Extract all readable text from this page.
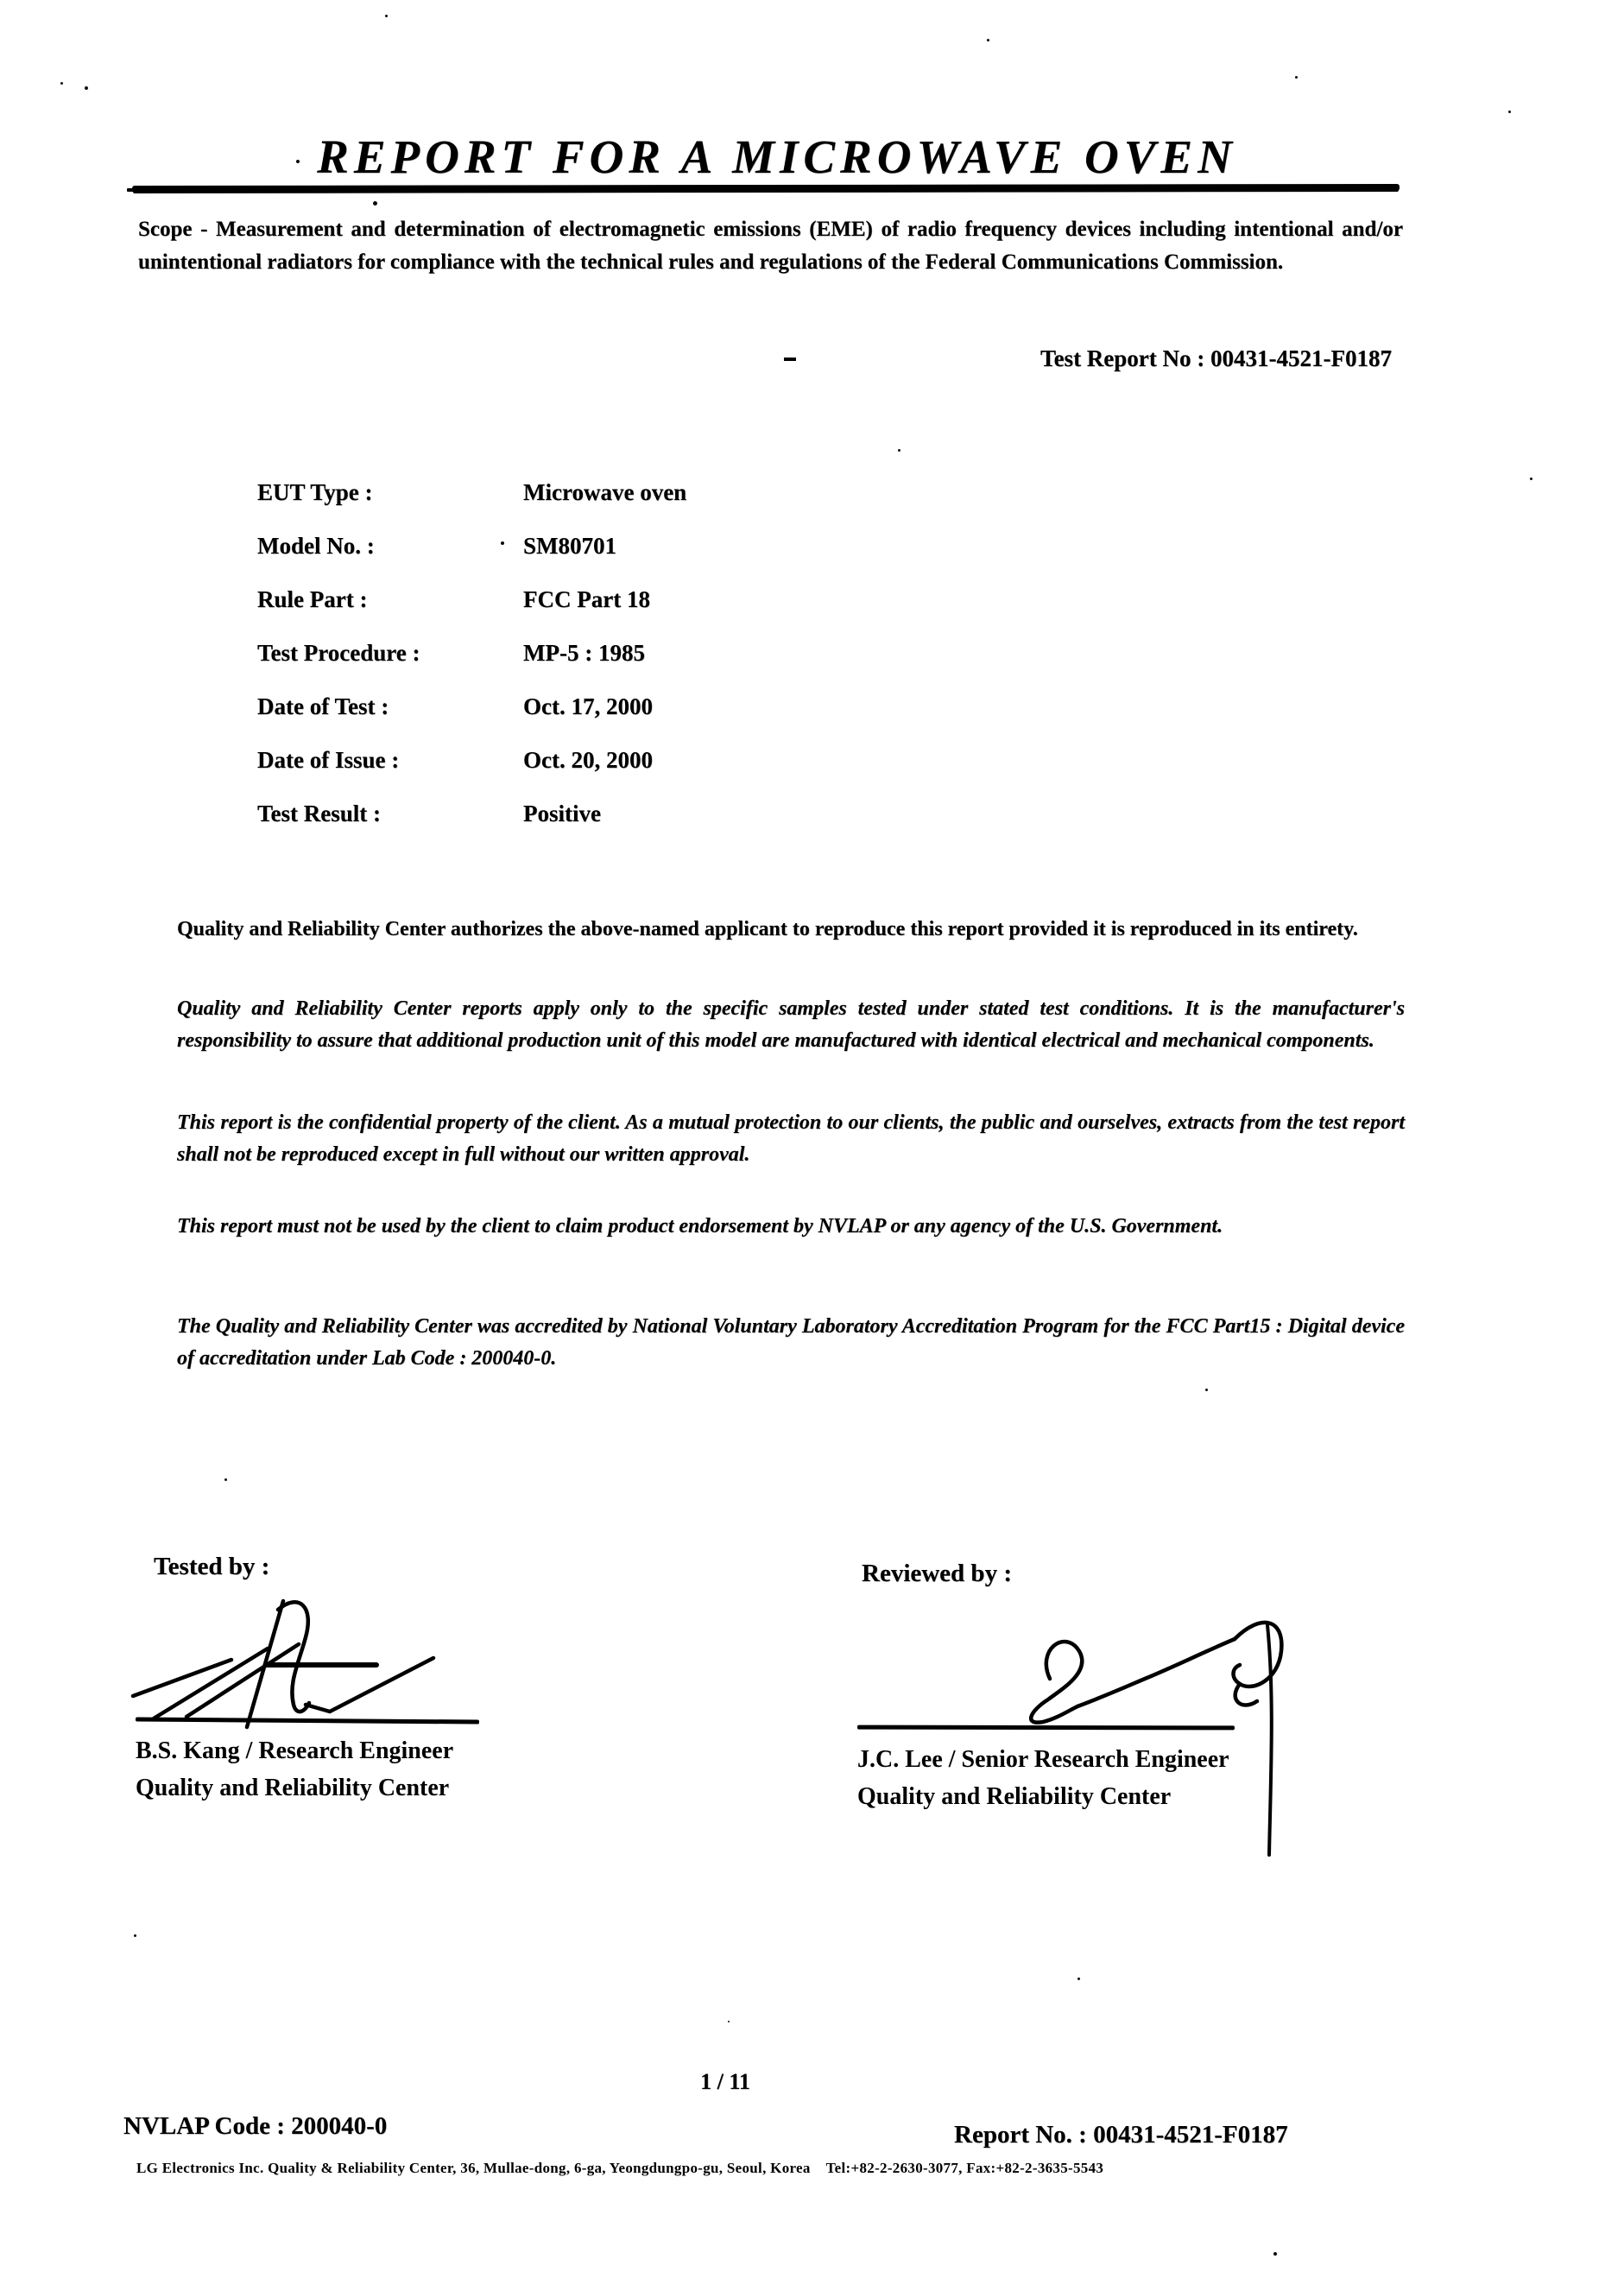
REPORT FOR A MICROWAVE OVEN
Scope - Measurement and determination of electromagnetic emissions (EME) of radio frequency devices including intentional and/or unintentional radiators for compliance with the technical rules and regulations of the Federal Communications Commission.
Test Report No : 00431-4521-F0187
EUT Type :	Microwave oven
Model No. :	SM80701
Rule Part :	FCC Part 18
Test Procedure :	MP-5 : 1985
Date of Test :	Oct. 17, 2000
Date of Issue :	Oct. 20, 2000
Test Result :	Positive
Quality and Reliability Center authorizes the above-named applicant to reproduce this report provided it is reproduced in its entirety.
Quality and Reliability Center reports apply only to the specific samples tested under stated test conditions. It is the manufacturer's responsibility to assure that additional production unit of this model are manufactured with identical electrical and mechanical components.
This report is the confidential property of the client. As a mutual protection to our clients, the public and ourselves, extracts from the test report shall not be reproduced except in full without our written approval.
This report must not be used by the client to claim product endorsement by NVLAP or any agency of the U.S. Government.
The Quality and Reliability Center was accredited by National Voluntary Laboratory Accreditation Program for the FCC Part15 : Digital device of accreditation under Lab Code : 200040-0.
Tested by :
B.S. Kang / Research Engineer
Quality and Reliability Center
Reviewed by :
J.C. Lee / Senior Research Engineer
Quality and Reliability Center
1 / 11
NVLAP Code : 200040-0	Report No. : 00431-4521-F0187
LG Electronics Inc. Quality & Reliability Center, 36, Mullae-dong, 6-ga, Yeongdungpo-gu, Seoul, Korea    Tel:+82-2-2630-3077, Fax:+82-2-3635-5543
